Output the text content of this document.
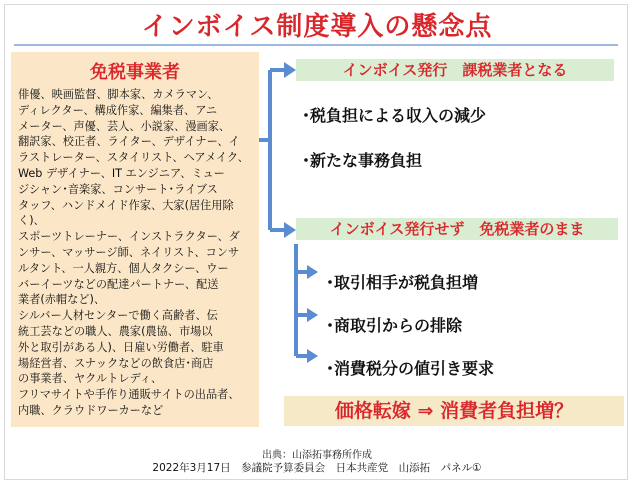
インボイス制度導入の懸念点
免税事業者
俳優、映画監督、脚本家、カメラマン、
ディレクター、構成作家、編集者、アニ
メーター、声優、芸人、小説家、漫画家、
翻訳家、校正者、ライター、デザイナー、イ
ラストレーター、スタイリスト、ヘアメイク、
Web デザイナー、IT エンジニア、ミュー
ジシャン･音楽家、コンサート･ライブス
タッフ、ハンドメイド作家、大家(居住用除
く)、
スポーツトレーナー、インストラクター、ダ
ンサー、マッサージ師、ネイリスト、コンサ
ルタント、一人親方、個人タクシー、ウー
バーイーツなどの配達パートナー、配送
業者(赤帽など)、
シルバー人材センターで働く高齢者、伝
統工芸などの職人、農家(農協、市場以
外と取引がある人)、日雇い労働者、駐車
場経営者、スナックなどの飲食店･商店
の事業者、ヤクルトレディ、
フリマサイトや手作り通販サイトの出品者、
内職、クラウドワーカーなど
インボイス発行　課税業者となる
･税負担による収入の減少
･新たな事務負担
インボイス発行せず　免税業者のまま
･取引相手が税負担増
･商取引からの排除
･消費税分の値引き要求
価格転嫁 ⇒ 消費者負担増？
出典：山添拓事務所作成
2022年3月17日　参議院予算委員会　日本共産党　山添拓　パネル①
